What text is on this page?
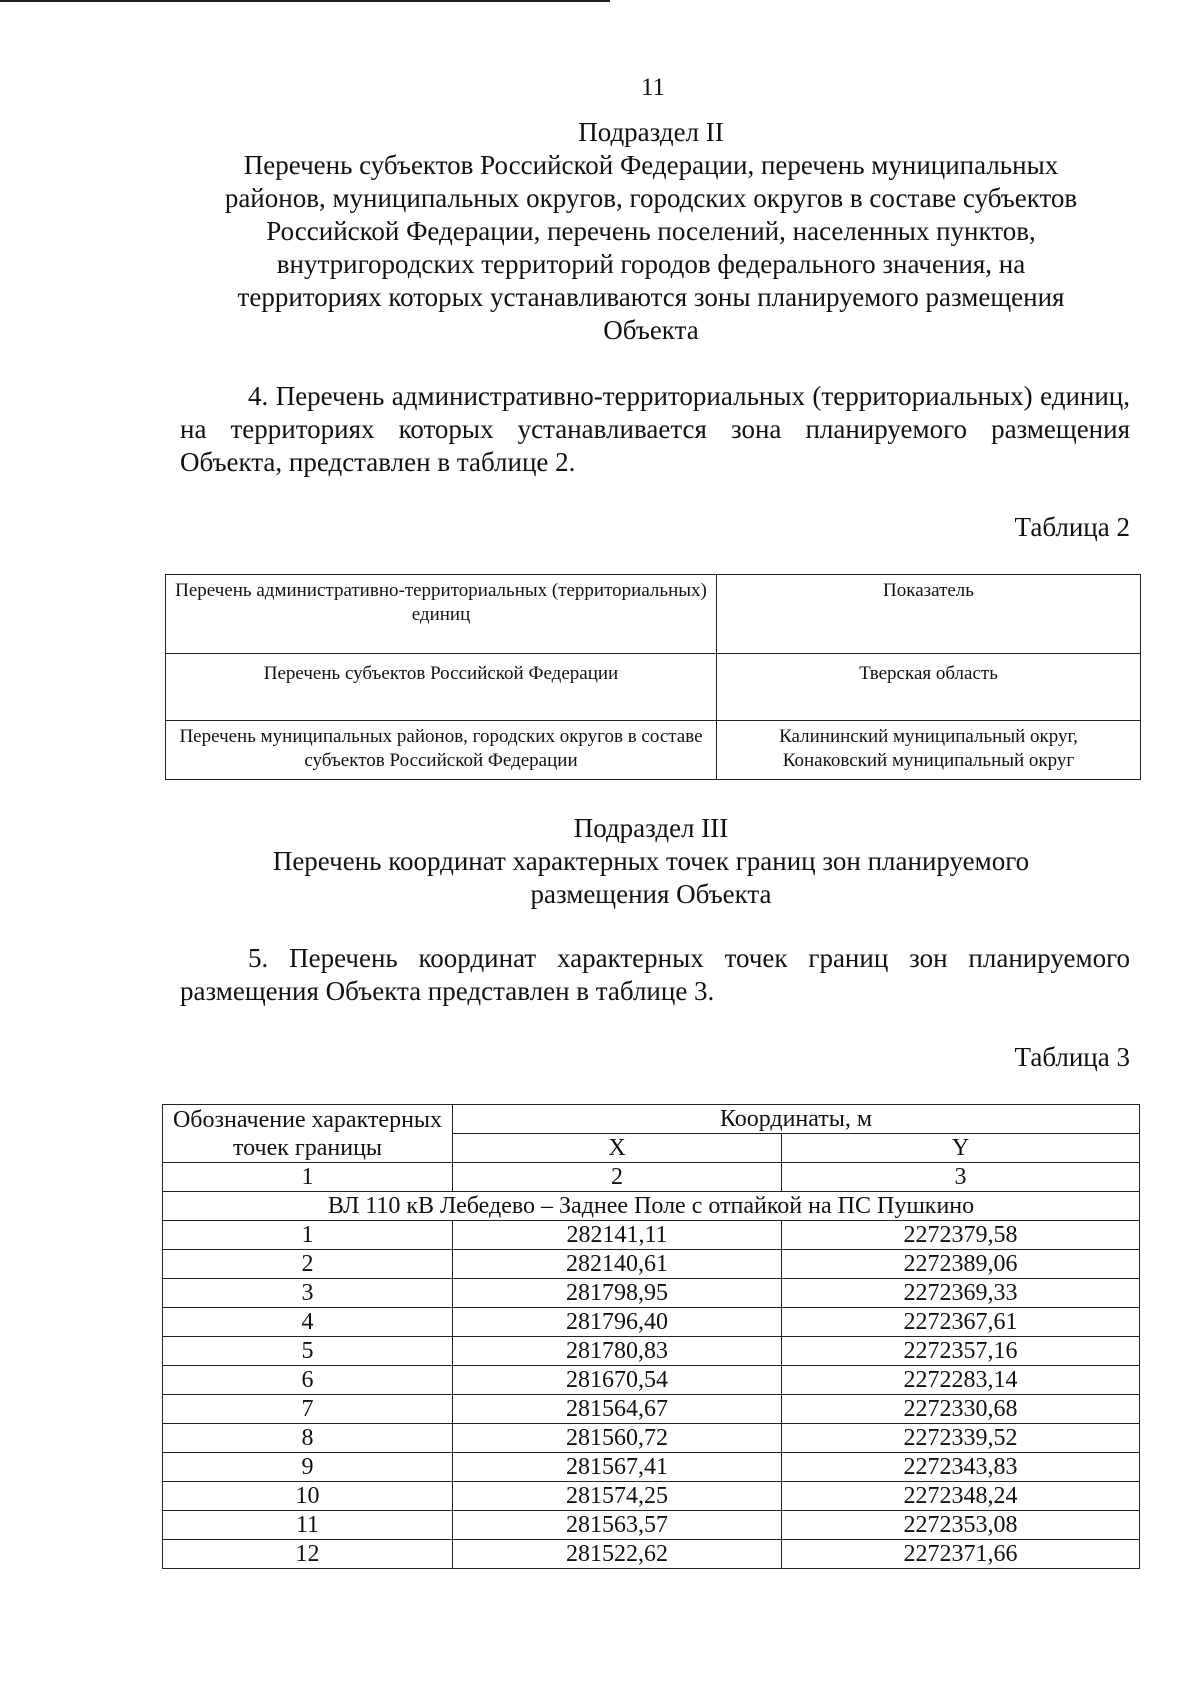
11
Подраздел II
Перечень субъектов Российской Федерации, перечень муниципальных
районов, муниципальных округов, городских округов в составе субъектов
Российской Федерации, перечень поселений, населенных пунктов,
внутригородских территорий городов федерального значения, на
территориях которых устанавливаются зоны планируемого размещения
Объекта
4. Перечень административно-территориальных (территориальных) единиц, на территориях которых устанавливается зона планируемого размещения Объекта, представлен в таблице 2.
Таблица 2
Перечень административно-территориальных (территориальных) единиц	Показатель
Перечень субъектов Российской Федерации	Тверская область
Перечень муниципальных районов, городских округов в составе субъектов Российской Федерации	Калининский муниципальный округ, Конаковский муниципальный округ
Подраздел III
Перечень координат характерных точек границ зон планируемого
размещения Объекта
5. Перечень координат характерных точек границ зон планируемого размещения Объекта представлен в таблице 3.
Таблица 3
Обозначение характерных точек границы	Координаты, м	
	X	Y
1	2	3
ВЛ 110 кВ Лебедево – Заднее Поле с отпайкой на ПС Пушкино		
1	282141,11	2272379,58
2	282140,61	2272389,06
3	281798,95	2272369,33
4	281796,40	2272367,61
5	281780,83	2272357,16
6	281670,54	2272283,14
7	281564,67	2272330,68
8	281560,72	2272339,52
9	281567,41	2272343,83
10	281574,25	2272348,24
11	281563,57	2272353,08
12	281522,62	2272371,66
